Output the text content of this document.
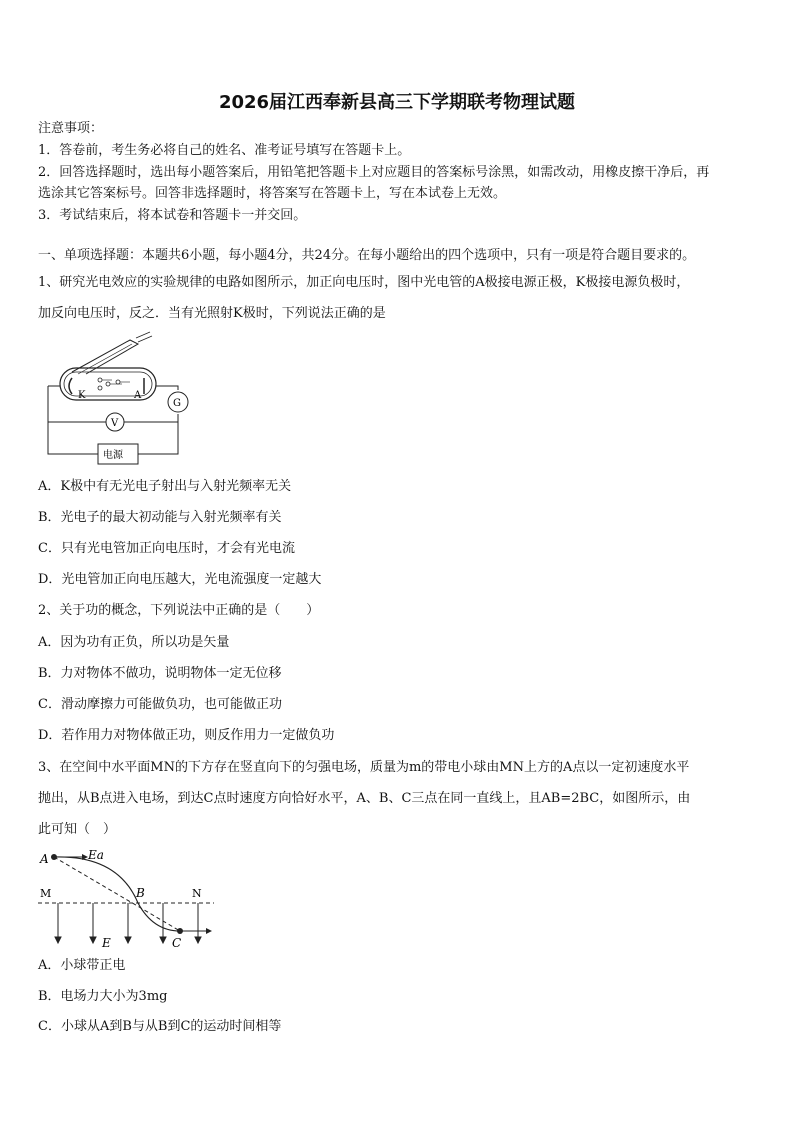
2026届江西奉新县高三下学期联考物理试题
注意事项：
1．答卷前，考生务必将自己的姓名、准考证号填写在答题卡上。
2．回答选择题时，选出每小题答案后，用铅笔把答题卡上对应题目的答案标号涂黑，如需改动，用橡皮擦干净后，再
选涂其它答案标号。回答非选择题时，将答案写在答题卡上，写在本试卷上无效。
3．考试结束后，将本试卷和答题卡一并交回。
一、单项选择题：本题共6小题，每小题4分，共24分。在每小题给出的四个选项中，只有一项是符合题目要求的。
1、研究光电效应的实验规律的电路如图所示，加正向电压时，图中光电管的A极接电源正极，K极接电源负极时，
加反向电压时，反之．当有光照射K极时，下列说法正确的是
K	A
G
V
电源
A．K极中有无光电子射出与入射光频率无关
B．光电子的最大初动能与入射光频率有关
C．只有光电管加正向电压时，才会有光电流
D．光电管加正向电压越大，光电流强度一定越大
2、关于功的概念，下列说法中正确的是（　　）
A．因为功有正负，所以功是矢量
B．力对物体不做功，说明物体一定无位移
C．滑动摩擦力可能做负功，也可能做正功
D．若作用力对物体做正功，则反作用力一定做负功
3、在空间中水平面MN的下方存在竖直向下的匀强电场，质量为m的带电小球由MN上方的A点以一定初速度水平
抛出，从B点进入电场，到达C点时速度方向恰好水平，A、B、C三点在同一直线上，且AB=2BC，如图所示，由
此可知（　）
A	Ea
M	B	N
E	C
A．小球带正电
B．电场力大小为3mg
C．小球从A到B与从B到C的运动时间相等
